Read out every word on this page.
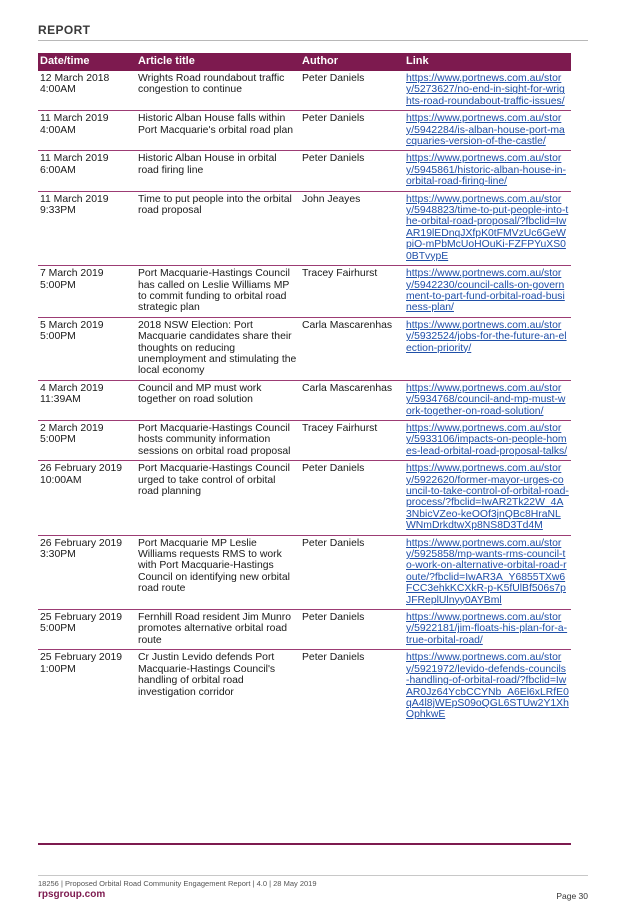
REPORT
Date/time	Article title	Author	Link

12 March 2018
4:00AM	Wrights Road roundabout traffic congestion to continue	Peter Daniels	https://www.portnews.com.au/story/5273627/no-end-in-sight-for-wrights-road-roundabout-traffic-issues/

11 March 2019
4:00AM	Historic Alban House falls within Port Macquarie's orbital road plan	Peter Daniels	https://www.portnews.com.au/story/5942284/is-alban-house-port-macquaries-version-of-the-castle/

11 March 2019
6:00AM	Historic Alban House in orbital road firing line	Peter Daniels	https://www.portnews.com.au/story/5945861/historic-alban-house-in-orbital-road-firing-line/

11 March 2019
9:33PM	Time to put people into the orbital road proposal	John Jeayes	https://www.portnews.com.au/story/5948823/time-to-put-people-into-the-orbital-road-proposal/?fbclid=IwAR19lEDnqJXfpK0tFMVzUc6GeWpiO-mPbMcUoHOuKi-FZFPYuXS00BTvypE

7 March 2019
5:00PM	Port Macquarie-Hastings Council has called on Leslie Williams MP to commit funding to orbital road strategic plan	Tracey Fairhurst	https://www.portnews.com.au/story/5942230/council-calls-on-government-to-part-fund-orbital-road-business-plan/

5 March 2019
5:00PM	2018 NSW Election: Port Macquarie candidates share their thoughts on reducing unemployment and stimulating the local economy	Carla Mascarenhas	https://www.portnews.com.au/story/5932524/jobs-for-the-future-an-election-priority/

4 March 2019
11:39AM	Council and MP must work together on road solution	Carla Mascarenhas	https://www.portnews.com.au/story/5934768/council-and-mp-must-work-together-on-road-solution/

2 March 2019
5:00PM	Port Macquarie-Hastings Council hosts community information sessions on orbital road proposal	Tracey Fairhurst	https://www.portnews.com.au/story/5933106/impacts-on-people-homes-lead-orbital-road-proposal-talks/

26 February 2019
10:00AM	Port Macquarie-Hastings Council urged to take control of orbital road planning	Peter Daniels	https://www.portnews.com.au/story/5922620/former-mayor-urges-council-to-take-control-of-orbital-road-process/?fbclid=IwAR2Tk22W_4A3NbicVZeo-keOOf3jnQBc8HraNLWNmDrkdtwXp8NS8D3Td4M

26 February 2019
3:30PM	Port Macquarie MP Leslie Williams requests RMS to work with Port Macquarie-Hastings Council on identifying new orbital road route	Peter Daniels	https://www.portnews.com.au/story/5925858/mp-wants-rms-council-to-work-on-alternative-orbital-road-route/?fbclid=IwAR3A_Y6855TXw6FCC3ehkKCXkR-p-K5fUlBf506s7pJFReplUlnyy0AYBml

25 February 2019
5:00PM	Fernhill Road resident Jim Munro promotes alternative orbital road route	Peter Daniels	https://www.portnews.com.au/story/5922181/jim-floats-his-plan-for-a-true-orbital-road/

25 February 2019
1:00PM	Cr Justin Levido defends Port Macquarie-Hastings Council's handling of orbital road investigation corridor	Peter Daniels	https://www.portnews.com.au/story/5921972/levido-defends-councils-handling-of-orbital-road/?fbclid=IwAR0Jz64YcbCCYNb_A6El6xLRfE0qA4l8jWEpS09oQGL6STUw2Y1XhOphkwE
18256 | Proposed Orbital Road Community Engagement Report | 4.0 | 28 May 2019
rpsgroup.com	Page 30
